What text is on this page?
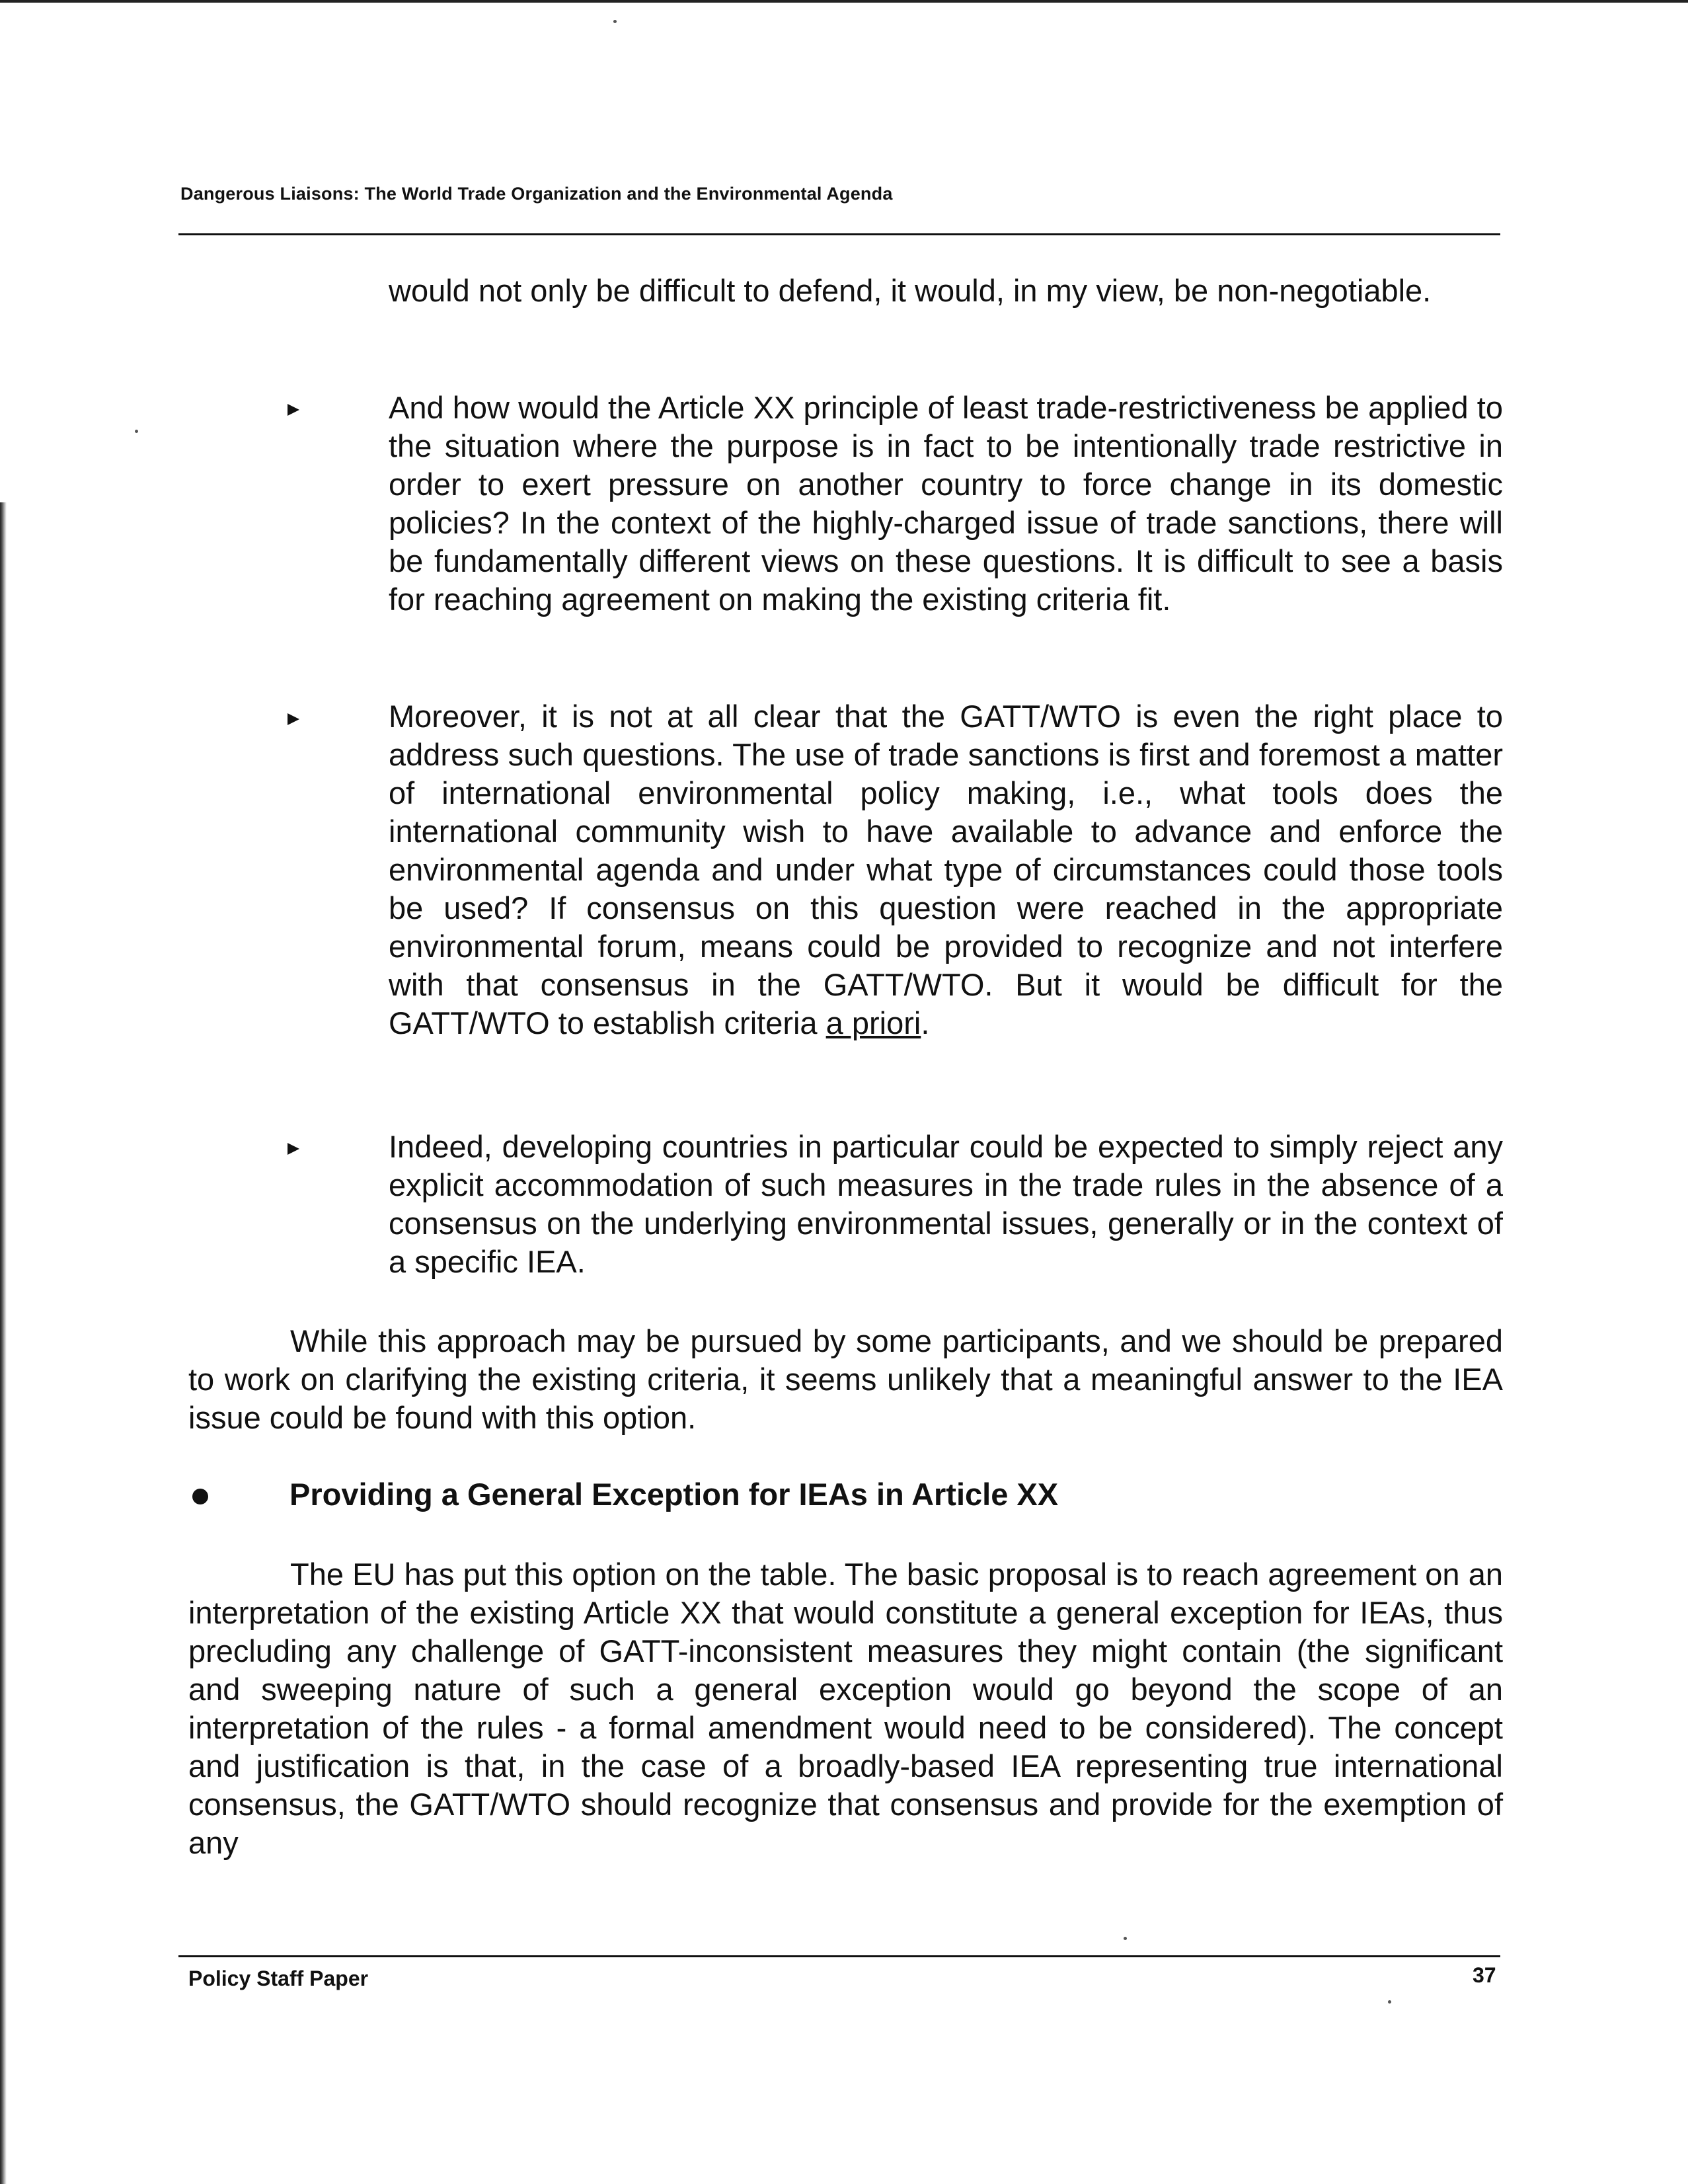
Dangerous Liaisons: The World Trade Organization and the Environmental Agenda

would not only be difficult to defend, it would, in my view, be non-negotiable.

And how would the Article XX principle of least trade-restrictiveness be applied to the situation where the purpose is in fact to be intentionally trade restrictive in order to exert pressure on another country to force change in its domestic policies? In the context of the highly-charged issue of trade sanctions, there will be fundamentally different views on these questions. It is difficult to see a basis for reaching agreement on making the existing criteria fit.

Moreover, it is not at all clear that the GATT/WTO is even the right place to address such questions. The use of trade sanctions is first and foremost a matter of international environmental policy making, i.e., what tools does the international community wish to have available to advance and enforce the environmental agenda and under what type of circumstances could those tools be used? If consensus on this question were reached in the appropriate environmental forum, means could be provided to recognize and not interfere with that consensus in the GATT/WTO. But it would be difficult for the GATT/WTO to establish criteria a priori.

Indeed, developing countries in particular could be expected to simply reject any explicit accommodation of such measures in the trade rules in the absence of a consensus on the underlying environmental issues, generally or in the context of a specific IEA.

While this approach may be pursued by some participants, and we should be prepared to work on clarifying the existing criteria, it seems unlikely that a meaningful answer to the IEA issue could be found with this option.

Providing a General Exception for IEAs in Article XX

The EU has put this option on the table. The basic proposal is to reach agreement on an interpretation of the existing Article XX that would constitute a general exception for IEAs, thus precluding any challenge of GATT-inconsistent measures they might contain (the significant and sweeping nature of such a general exception would go beyond the scope of an interpretation of the rules - a formal amendment would need to be considered). The concept and justification is that, in the case of a broadly-based IEA representing true international consensus, the GATT/WTO should recognize that consensus and provide for the exemption of any

Policy Staff Paper	37
